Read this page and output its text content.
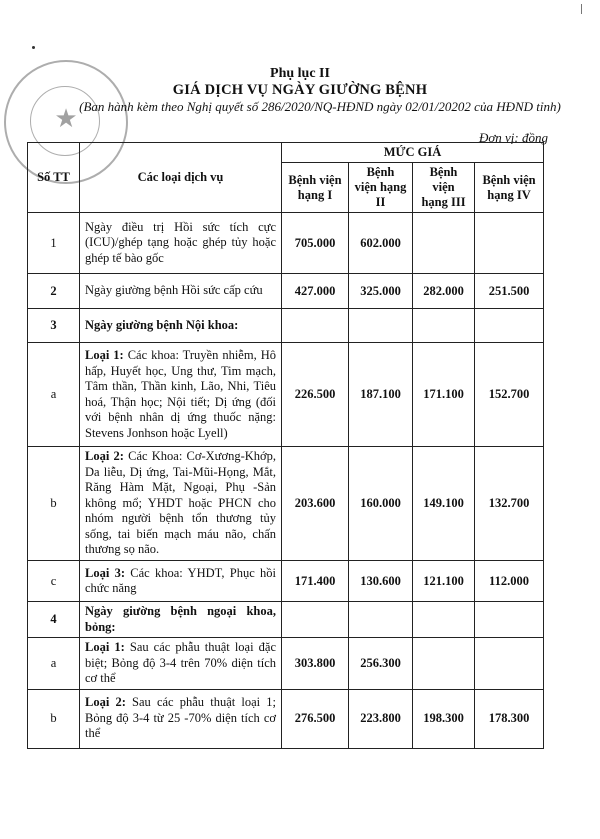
★
Phụ lục II
GIÁ DỊCH VỤ NGÀY GIƯỜNG BỆNH
(Ban hành kèm theo Nghị quyết số 286/2020/NQ-HĐND ngày 02/01/20202 của HĐND tỉnh)
Đơn vị: đồng
Số TT	Các loại dịch vụ	MỨC GIÁ			
		Bệnh viện hạng I	Bệnh viện hạng II	Bệnh viện hạng III	Bệnh viện hạng IV
1	Ngày điều trị Hồi sức tích cực (ICU)/ghép tạng hoặc ghép tủy hoặc ghép tế bào gốc	705.000	602.000		
2	Ngày giường bệnh Hồi sức cấp cứu	427.000	325.000	282.000	251.500
3	Ngày giường bệnh Nội khoa:				
a	Loại 1: Các khoa: Truyền nhiễm, Hô hấp, Huyết học, Ung thư, Tim mạch, Tâm thần, Thần kinh, Lão, Nhi, Tiêu hoá, Thận học; Nội tiết; Dị ứng (đối với bệnh nhân dị ứng thuốc nặng: Stevens Jonhson hoặc Lyell)	226.500	187.100	171.100	152.700
b	Loại 2: Các Khoa: Cơ-Xương-Khớp, Da liễu, Dị ứng, Tai-Mũi-Họng, Mắt, Răng Hàm Mặt, Ngoại, Phụ -Sản không mổ; YHDT hoặc PHCN cho nhóm người bệnh tổn thương tủy sống, tai biến mạch máu não, chấn thương sọ não.	203.600	160.000	149.100	132.700
c	Loại 3: Các khoa: YHDT, Phục hồi chức năng	171.400	130.600	121.100	112.000
4	Ngày giường bệnh ngoại khoa, bỏng:				
a	Loại 1: Sau các phẫu thuật loại đặc biệt; Bỏng độ 3-4 trên 70% diện tích cơ thể	303.800	256.300		
b	Loại 2: Sau các phẫu thuật loại 1; Bỏng độ 3-4 từ 25 -70% diện tích cơ thể	276.500	223.800	198.300	178.300
